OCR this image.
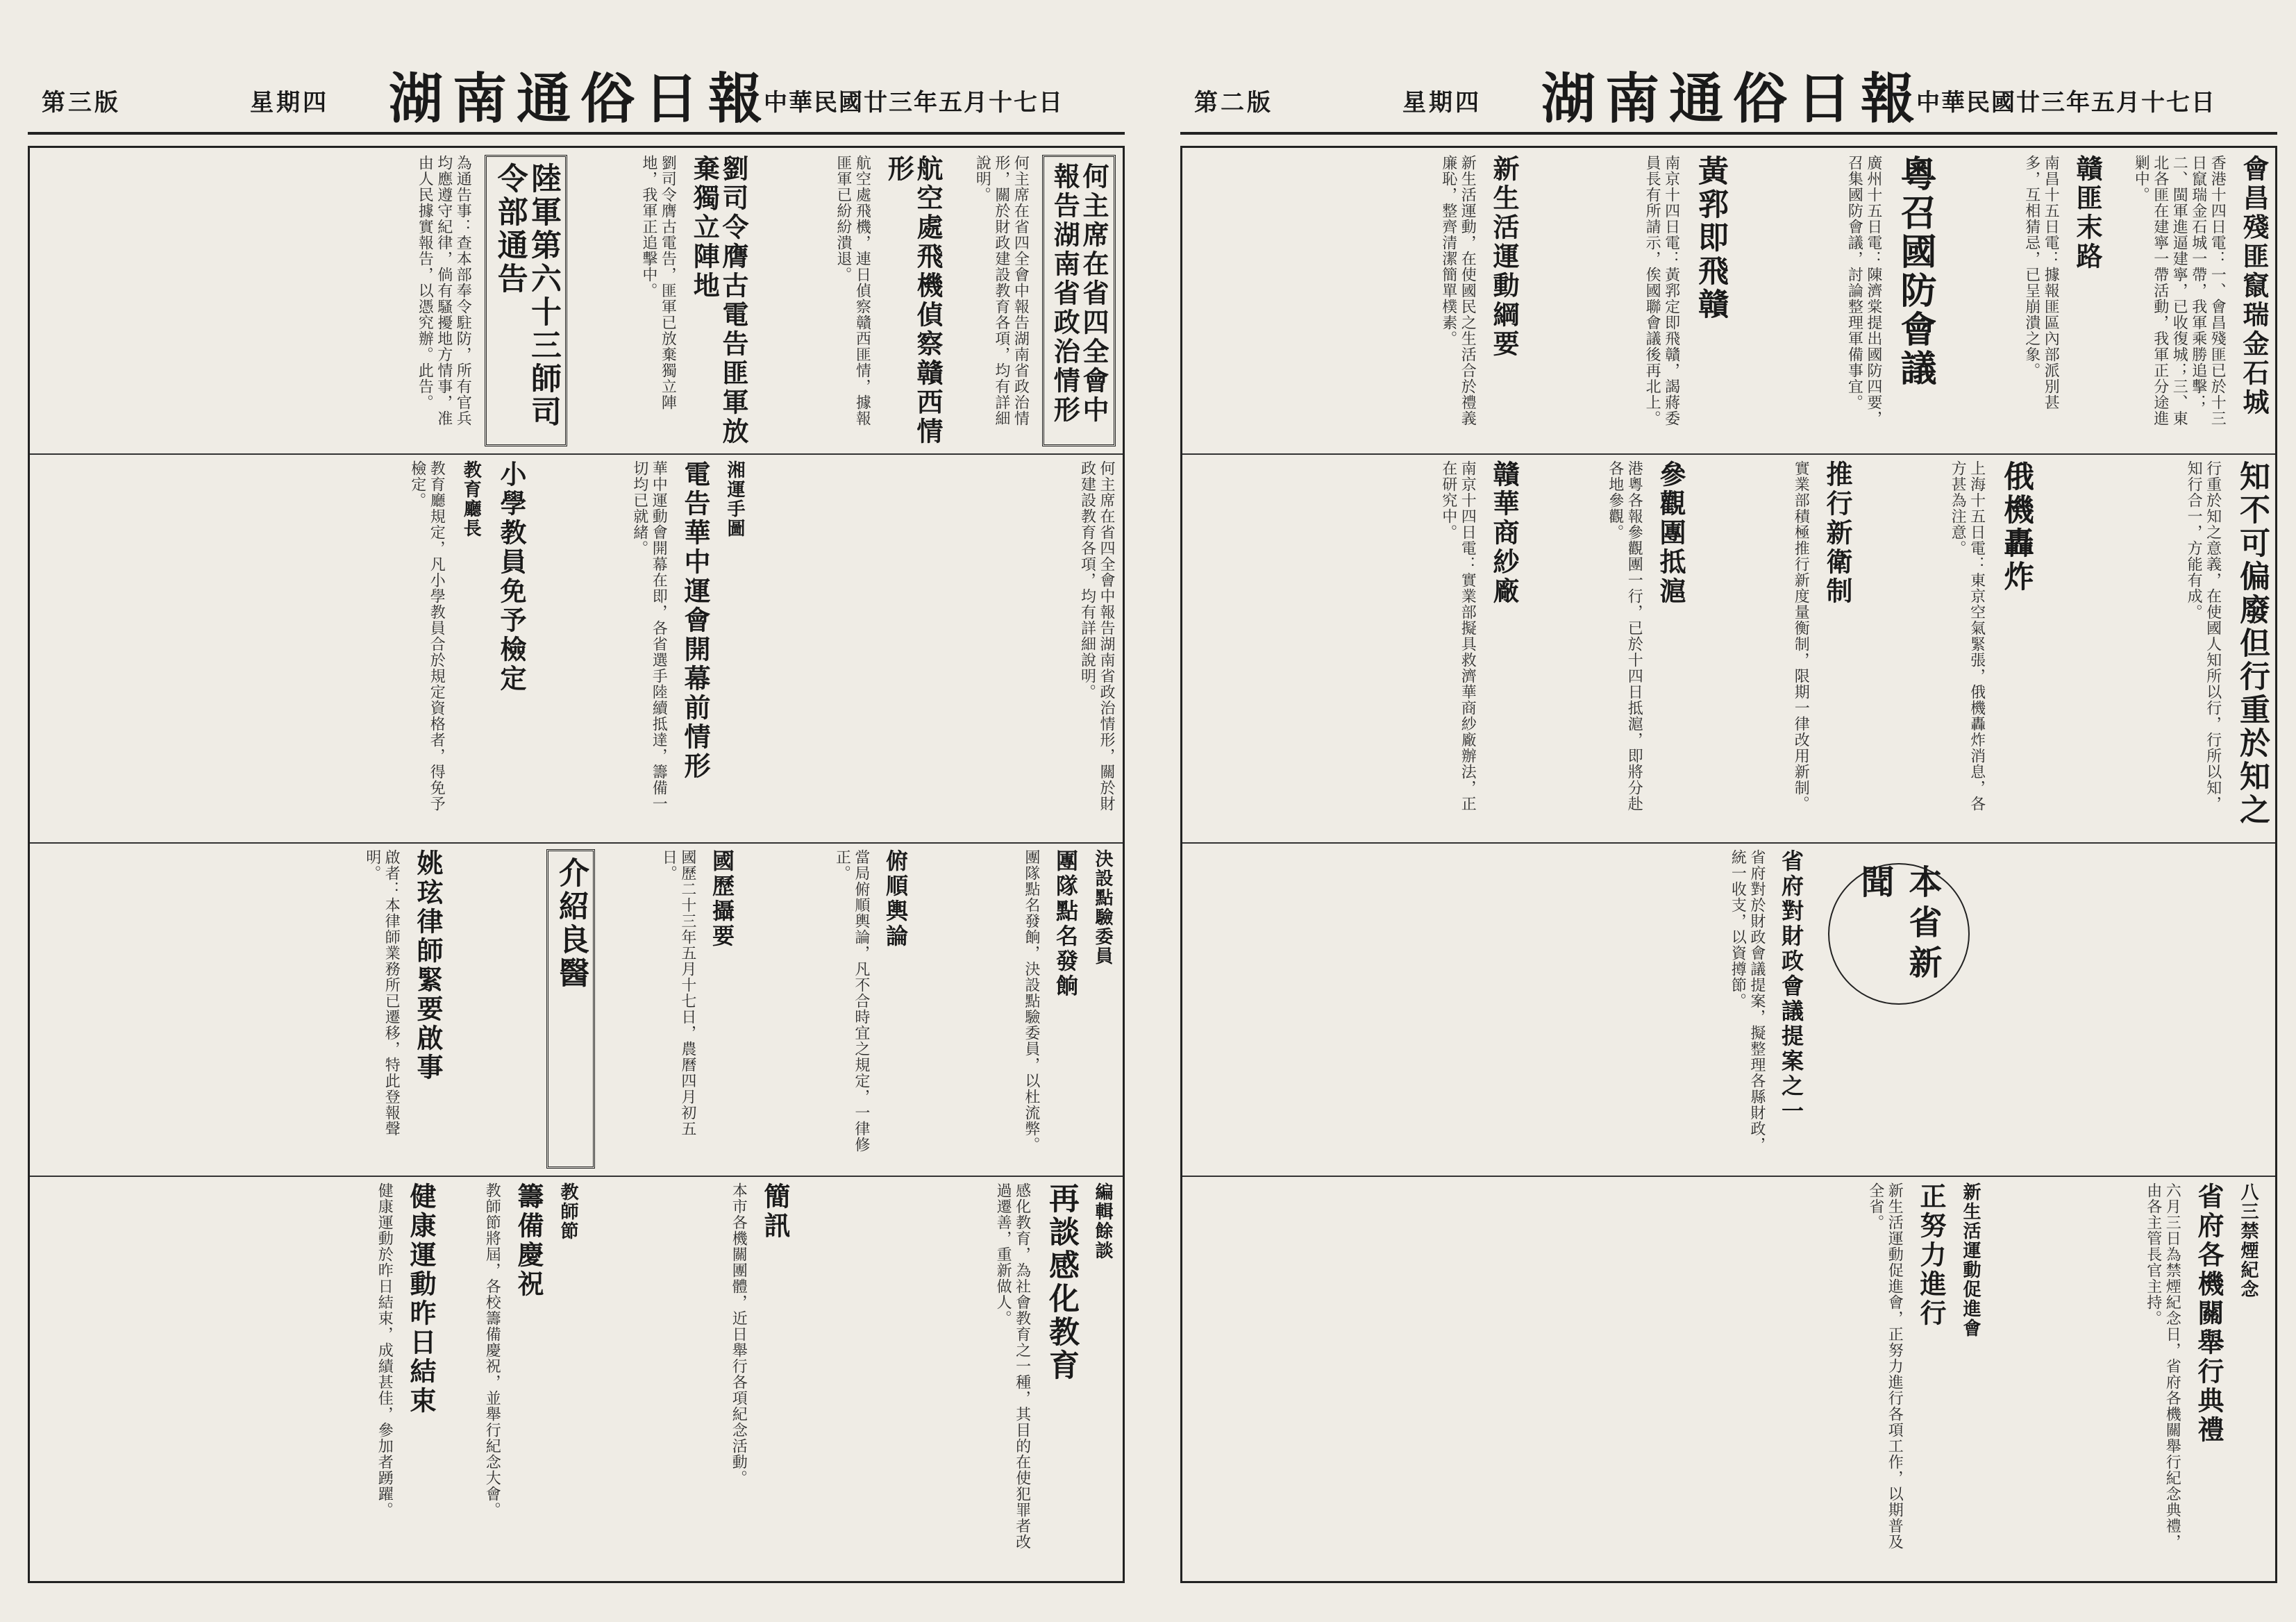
第三版	星期四 湖南通俗日報
中華民國廿三年五月十七日
何主席在省四全會中報告湖南省政治情形
何主席在省四全會中報告湖南省政治情形，關於財政建設教育各項，均有詳細說明。
航空處飛機偵察贛西情形
航空處飛機，連日偵察贛西匪情，據報匪軍已紛紛潰退。
劉司令膺古電告匪軍放棄獨立陣地
劉司令膺古電告，匪軍已放棄獨立陣地，我軍正追擊中。
陸軍第六十三師司令部通告
為通告事：查本部奉令駐防，所有官兵均應遵守紀律，倘有騷擾地方情事，准由人民據實報告，以憑究辦。此告。
何主席在省四全會中報告湖南省政治情形，關於財政建設教育各項，均有詳細說明。
湘運手圖
電告華中運會開幕前情形
華中運動會開幕在即，各省選手陸續抵達，籌備一切均已就緒。
小學教員免予檢定
教育廳長
教育廳規定，凡小學教員合於規定資格者，得免予檢定。
決設點驗委員
團隊點名發餉
團隊點名發餉，決設點驗委員，以杜流弊。
俯順輿論
當局俯順輿論，凡不合時宜之規定，一律修正。
國歷攝要
國歷二十三年五月十七日，農曆四月初五日。
介紹良醫
姚玹律師緊要啟事
啟者：本律師業務所已遷移，特此登報聲明。
編輯餘談
再談感化教育
感化教育，為社會教育之一種，其目的在使犯罪者改過遷善，重新做人。
簡訊
本市各機關團體，近日舉行各項紀念活動。
教師節
籌備慶祝
教師節將屆，各校籌備慶祝，並舉行紀念大會。
健康運動昨日結束
健康運動於昨日結束，成績甚佳，參加者踴躍。
第二版	星期四 湖南通俗日報
中華民國廿三年五月十七日
會昌殘匪竄瑞金石城
香港十四日電：一、會昌殘匪已於十三日竄瑞金石城一帶，我軍乘勝追擊；二、閩軍進逼建寧，已收復城；三、東北各匪在建寧一帶活動，我軍正分途進剿中。
贛匪末路
南昌十五日電：據報匪區內部派別甚多，互相猜忌，已呈崩潰之象。
粵召國防會議
廣州十五日電：陳濟棠提出國防四要，召集國防會議，討論整理軍備事宜。
黃郛即飛贛
南京十四日電：黃郛定即飛贛，謁蔣委員長有所請示，俟國聯會議後再北上。
新生活運動綱要
新生活運動，在使國民之生活合於禮義廉恥，整齊清潔簡單樸素。
知不可偏廢但行重於知之
行重於知之意義，在使國人知所以行，行所以知，知行合一，方能有成。
俄機轟炸
上海十五日電：東京空氣緊張，俄機轟炸消息，各方甚為注意。
推行新衛制
實業部積極推行新度量衡制，限期一律改用新制。
參觀團抵滬
港粵各報參觀團一行，已於十四日抵滬，即將分赴各地參觀。
贛華商紗廠
南京十四日電：實業部擬具救濟華商紗廠辦法，正在研究中。
本省新聞
省府對財政會議提案之一
省府對於財政會議提案，擬整理各縣財政，統一收支，以資撙節。
八三禁煙紀念
省府各機關舉行典禮
六月三日為禁煙紀念日，省府各機關舉行紀念典禮，由各主管長官主持。
新生活運動促進會
正努力進行
新生活運動促進會，正努力進行各項工作，以期普及全省。
